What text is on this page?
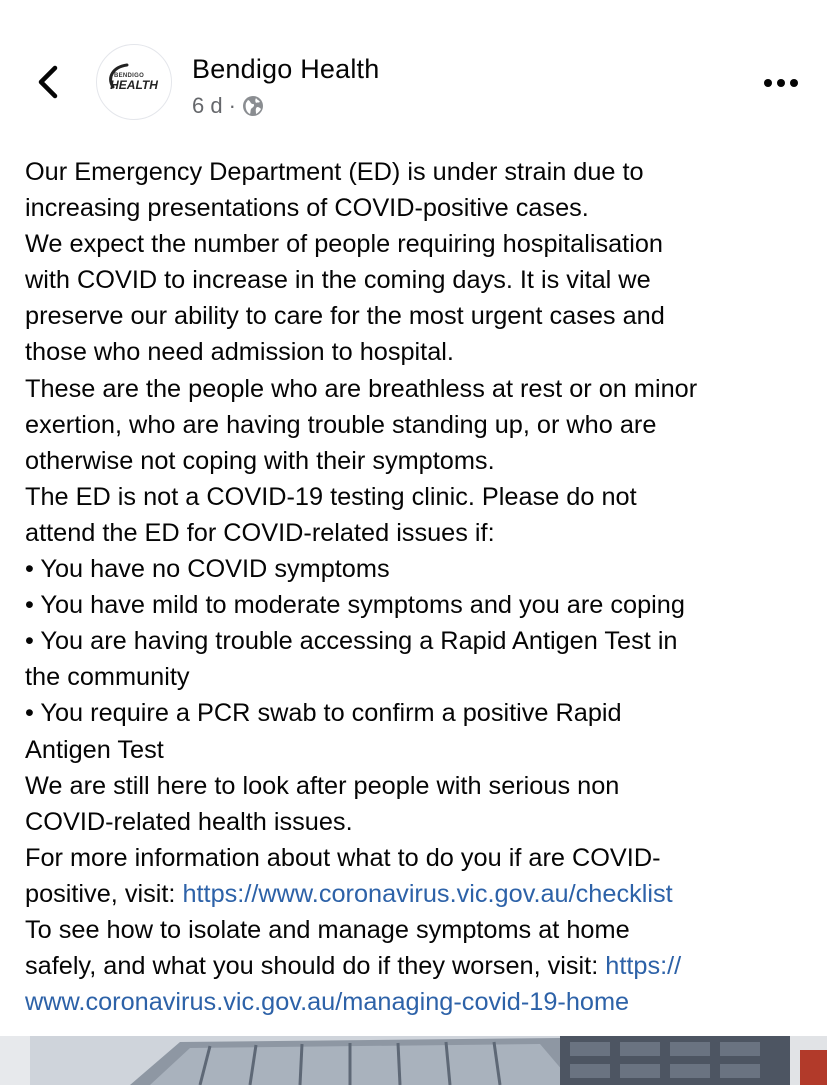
BENDIGO
HEALTH
Bendigo Health
6 d ·
Our Emergency Department (ED) is under strain due to
increasing presentations of COVID-positive cases.
We expect the number of people requiring hospitalisation
with COVID to increase in the coming days. It is vital we
preserve our ability to care for the most urgent cases and
those who need admission to hospital.
These are the people who are breathless at rest or on minor
exertion, who are having trouble standing up, or who are
otherwise not coping with their symptoms.
The ED is not a COVID-19 testing clinic. Please do not
attend the ED for COVID-related issues if:
• You have no COVID symptoms
• You have mild to moderate symptoms and you are coping
• You are having trouble accessing a Rapid Antigen Test in
the community
• You require a PCR swab to confirm a positive Rapid
Antigen Test
We are still here to look after people with serious non
COVID-related health issues.
For more information about what to do you if are COVID-
positive, visit: https://www.coronavirus.vic.gov.au/checklist
To see how to isolate and manage symptoms at home
safely, and what you should do if they worsen, visit: https://
www.coronavirus.vic.gov.au/managing-covid-19-home
